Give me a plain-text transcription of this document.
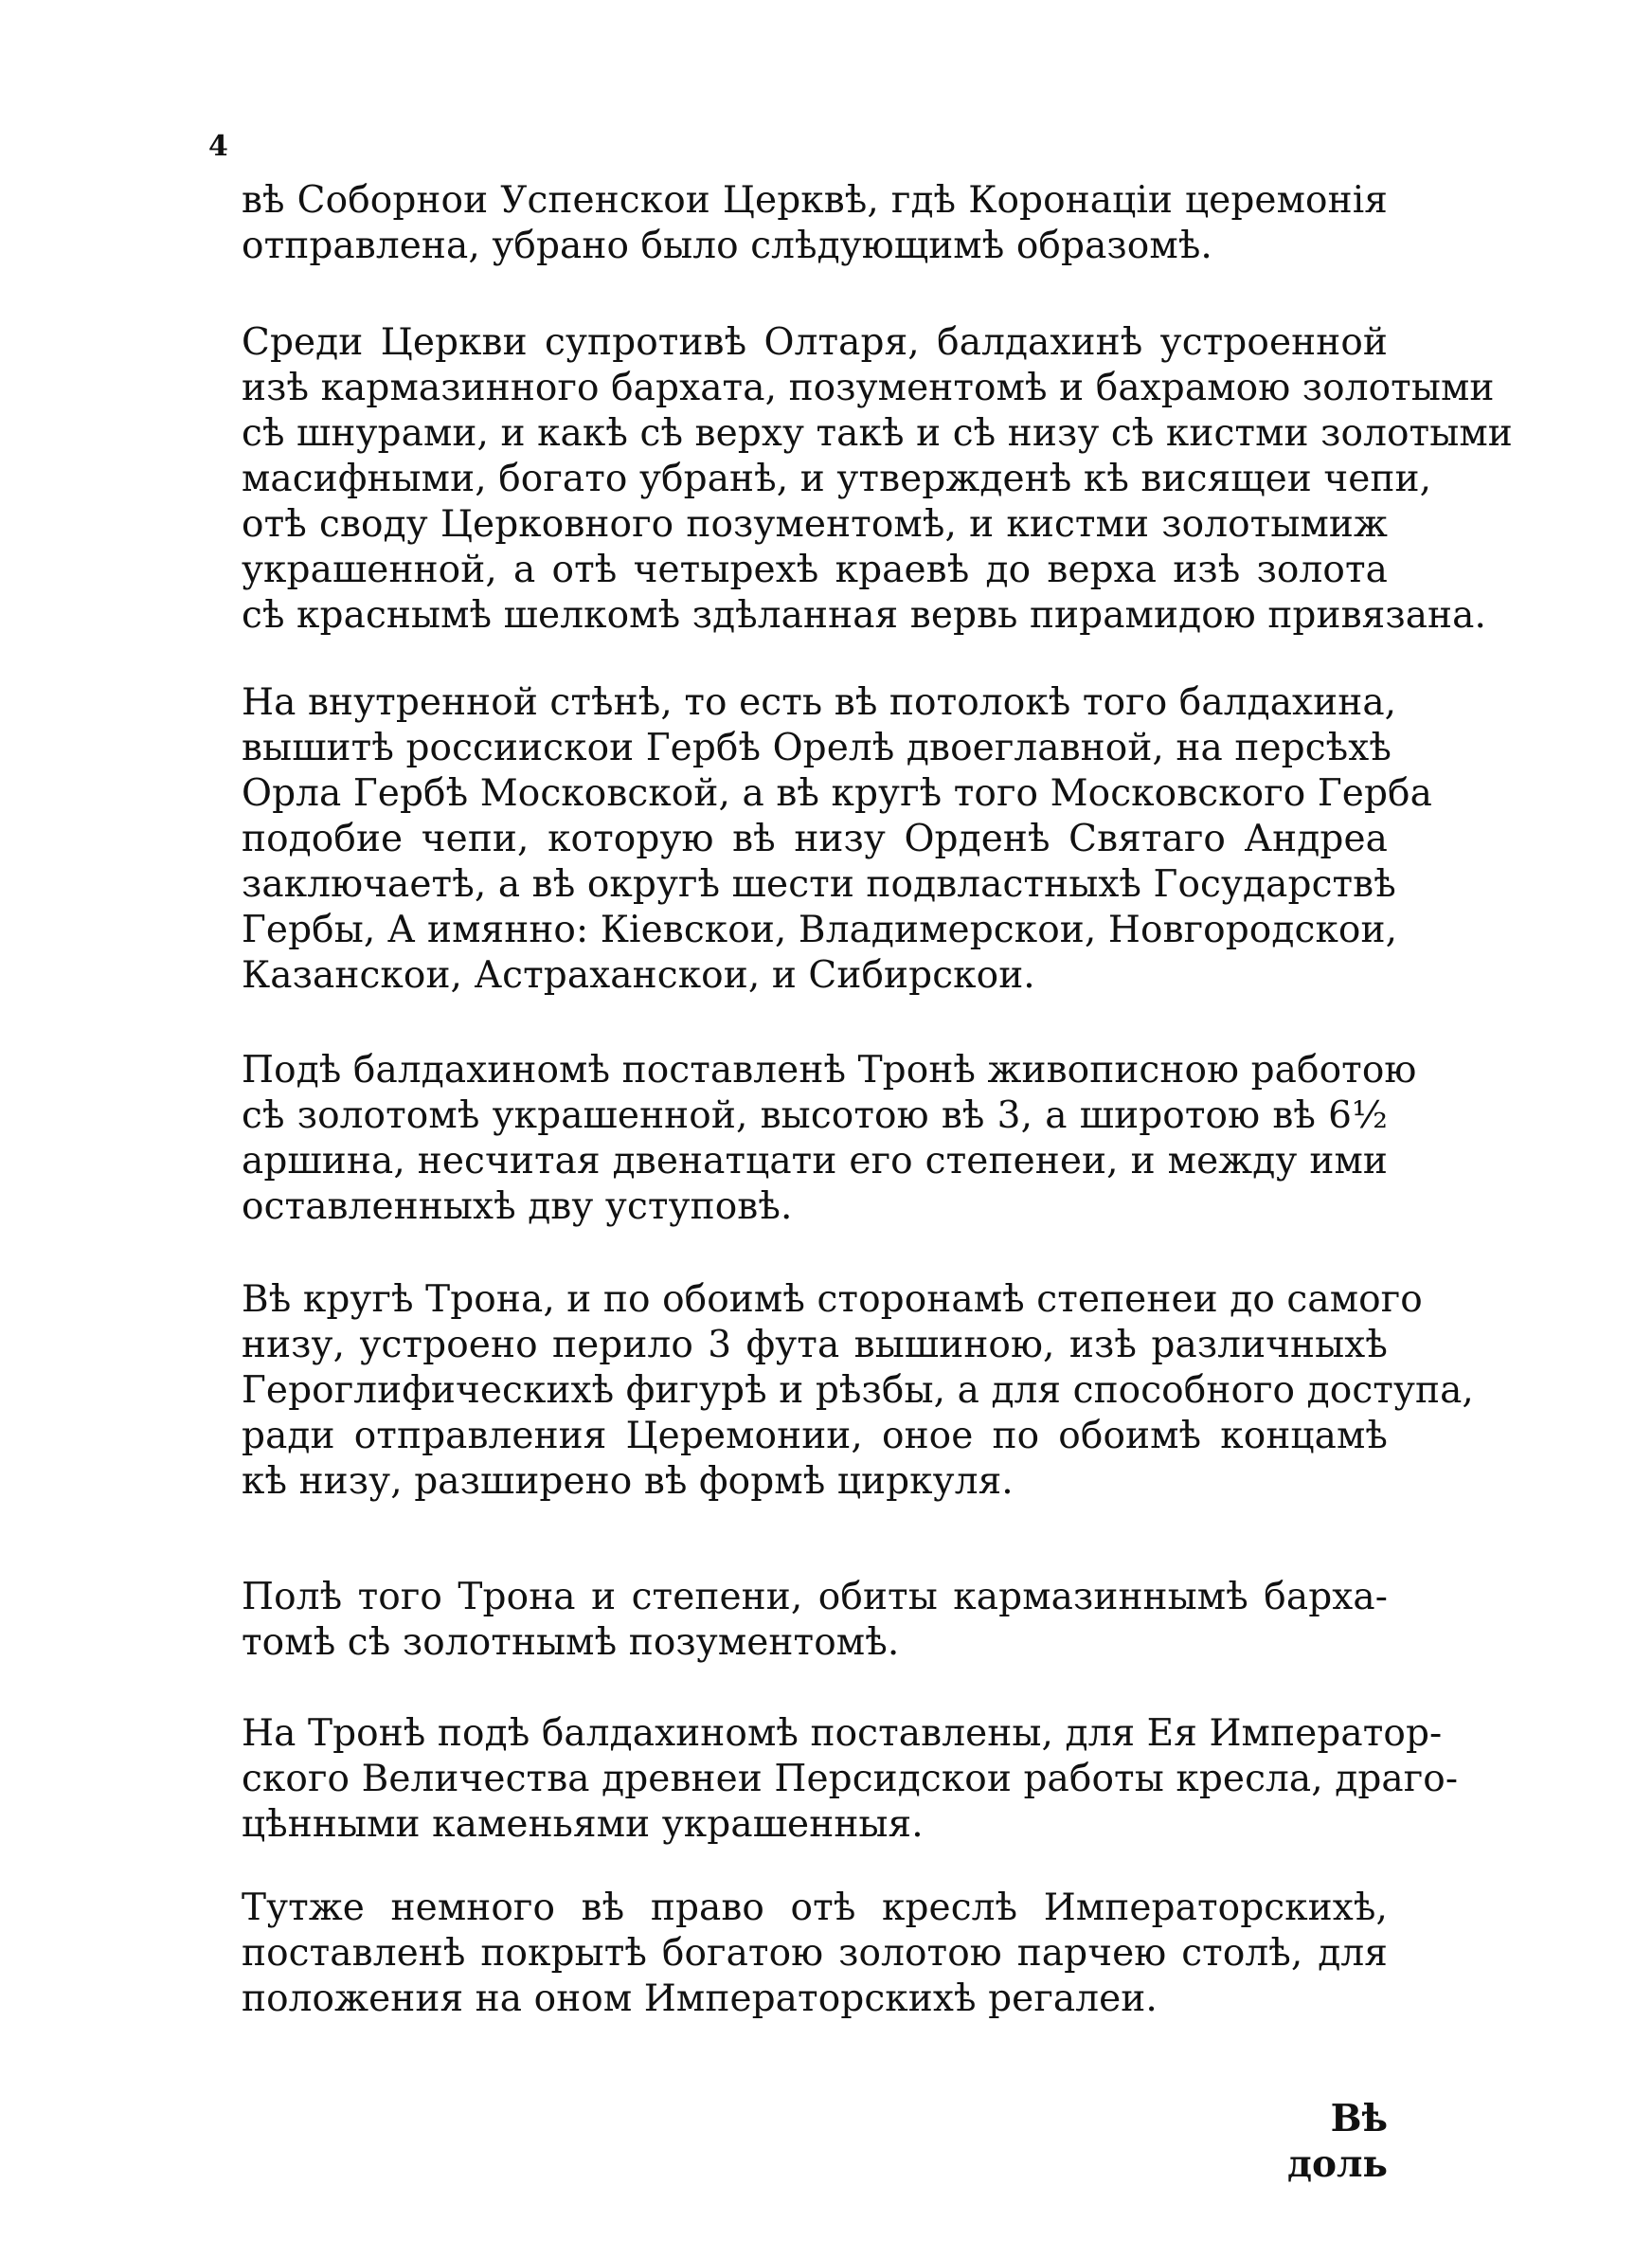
4
вѣ Соборнои Успенскои Церквѣ, гдѣ Коронацiи церемонiя
отправлена, убрано было слѣдующимѣ образомѣ.
Среди Церкви супротивѣ Олтаря, балдахинѣ устроенной
изѣ кармазинного бархата, позументомѣ и бахрамою золотыми
сѣ шнурами, и какѣ сѣ верху такѣ и сѣ низу сѣ кистми золотыми
масифными, богато убранѣ, и утвержденѣ кѣ висящеи чепи,
отѣ своду Церковного позументомѣ, и кистми золотымиж
украшенной, а отѣ четырехѣ краевѣ до верха изѣ золота
сѣ краснымѣ шелкомѣ здѣланная вервь пирамидою привязана.
На внутренной стѣнѣ, то есть вѣ потолокѣ того балдахина,
вышитѣ россиискои Гербѣ Орелѣ двоеглавной, на персѣхѣ
Орла Гербѣ Московской, а вѣ кругѣ того Московского Герба
подобие чепи, которую вѣ низу Орденѣ Святаго Андреа
заключаетѣ, а вѣ округѣ шести подвластныхѣ Государствѣ
Гербы, А имянно: Кіевскои, Владимерскои, Новгородскои,
Казанскои, Астраханскои, и Сибирскои.
Подѣ балдахиномѣ поставленѣ Тронѣ живописною работою
сѣ золотомѣ украшенной, высотою вѣ 3, а широтою вѣ 6½
аршина, несчитая двенатцати его степенеи, и между ими
оставленныхѣ дву уступовѣ.
Вѣ кругѣ Трона, и по обоимѣ сторонамѣ степенеи до самого
низу, устроено перило 3 фута вышиною, изѣ различныхѣ
Героглифическихѣ фигурѣ и рѣзбы, а для способного доступа,
ради отправления Церемонии, оное по обоимѣ концамѣ
кѣ низу, разширено вѣ формѣ циркуля.
Полѣ того Трона и степени, обиты кармазиннымѣ барха-
томѣ сѣ золотнымѣ позументомѣ.
На Тронѣ подѣ балдахиномѣ поставлены, для Ея Император-
ского Величества древнеи Персидскои работы кресла, драго-
цѣнными каменьями украшенныя.
Тутже немного вѣ право отѣ креслѣ Императорскихѣ,
поставленѣ покрытѣ богатою золотою парчею столѣ, для
положения на оном Императорскихѣ регалеи.
Вѣ доль
